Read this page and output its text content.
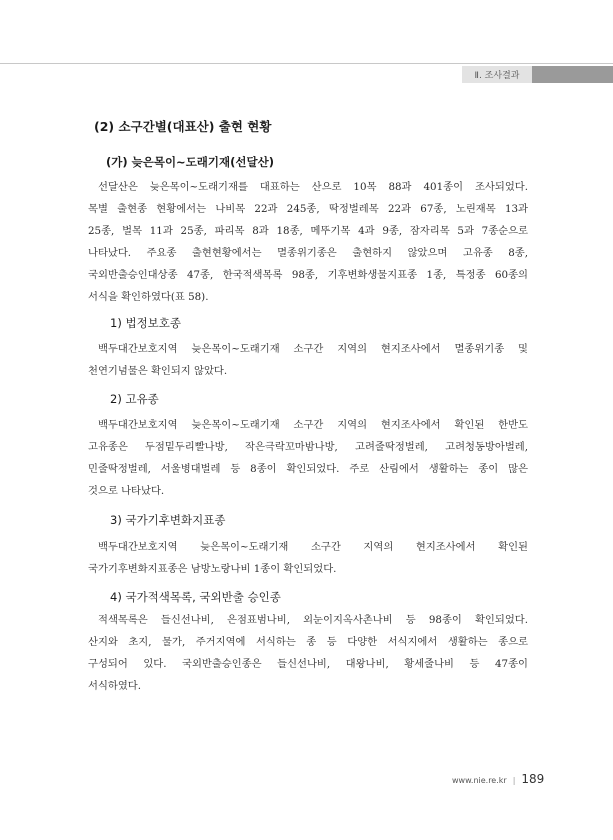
Ⅱ. 조사결과
(2) 소구간별(대표산) 출현 현황
(가) 늦은목이~도래기재(선달산)
선달산은 늦은목이~도래기재를 대표하는 산으로 10목 88과 401종이 조사되었다.
목별 출현종 현황에서는 나비목 22과 245종, 딱정벌레목 22과 67종, 노린재목 13과
25종, 벌목 11과 25종, 파리목 8과 18종, 메뚜기목 4과 9종, 잠자리목 5과 7종순으로
나타났다. 주요종 출현현황에서는 멸종위기종은 출현하지 않았으며 고유종 8종,
국외반출승인대상종 47종, 한국적색목록 98종, 기후변화생물지표종 1종, 특정종 60종의
서식을 확인하였다(표 58).
1) 법정보호종
백두대간보호지역 늦은목이~도래기재 소구간 지역의 현지조사에서 멸종위기종 및
천연기념물은 확인되지 않았다.
2) 고유종
백두대간보호지역 늦은목이~도래기재 소구간 지역의 현지조사에서 확인된 한반도
고유종은 두점밑두리빨나방, 작은극락꼬마밤나방, 고려줄딱정벌레, 고려청동방아벌레,
민줄딱정벌레, 서울병대벌레 등 8종이 확인되었다. 주로 산림에서 생활하는 종이 많은
것으로 나타났다.
3) 국가기후변화지표종
백두대간보호지역 늦은목이~도래기재 소구간 지역의 현지조사에서 확인된
국가기후변화지표종은 남방노랑나비 1종이 확인되었다.
4) 국가적색목록, 국외반출 승인종
적색목록은 들신선나비, 은점표범나비, 외눈이지옥사촌나비 등 98종이 확인되었다.
산지와 초지, 물가, 주거지역에 서식하는 종 등 다양한 서식지에서 생활하는 종으로
구성되어 있다. 국외반출승인종은 들신선나비, 대왕나비, 황세줄나비 등 47종이
서식하였다.
www.nie.re.kr | 189
